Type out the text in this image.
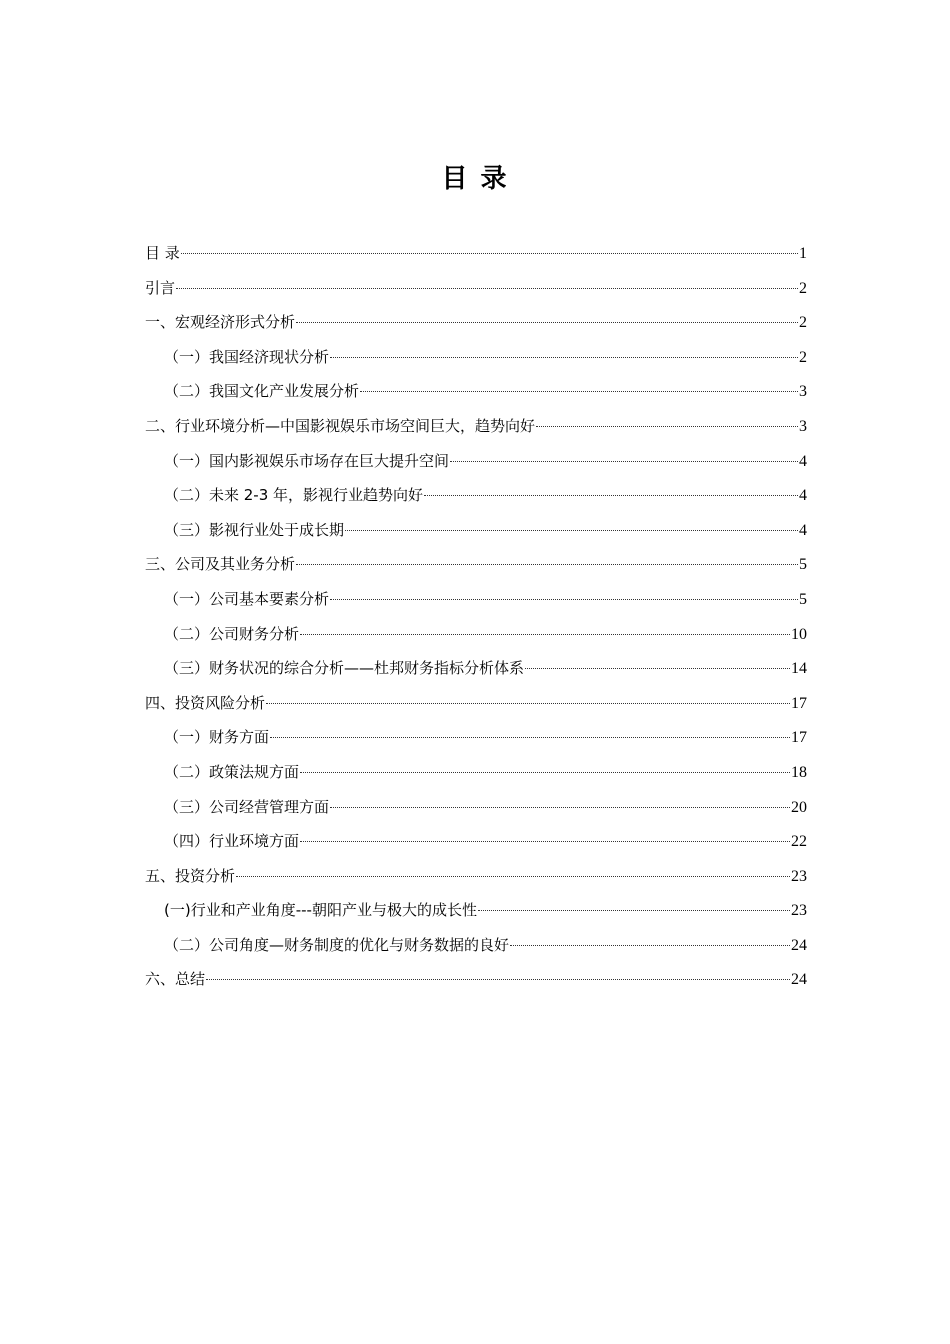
目 录
目 录	1
引言	2
一、宏观经济形式分析	2
（一）我国经济现状分析	2
（二）我国文化产业发展分析	3
二、行业环境分析—中国影视娱乐市场空间巨大，趋势向好	3
（一）国内影视娱乐市场存在巨大提升空间	4
（二）未来 2-3 年，影视行业趋势向好	4
（三）影视行业处于成长期	4
三、公司及其业务分析	5
（一）公司基本要素分析	5
（二）公司财务分析	10
（三）财务状况的综合分析——杜邦财务指标分析体系	14
四、投资风险分析	17
（一）财务方面	17
（二）政策法规方面	18
（三）公司经营管理方面	20
（四）行业环境方面	22
五、投资分析	23
(一)行业和产业角度---朝阳产业与极大的成长性	23
（二）公司角度—财务制度的优化与财务数据的良好	24
六、总结	24
